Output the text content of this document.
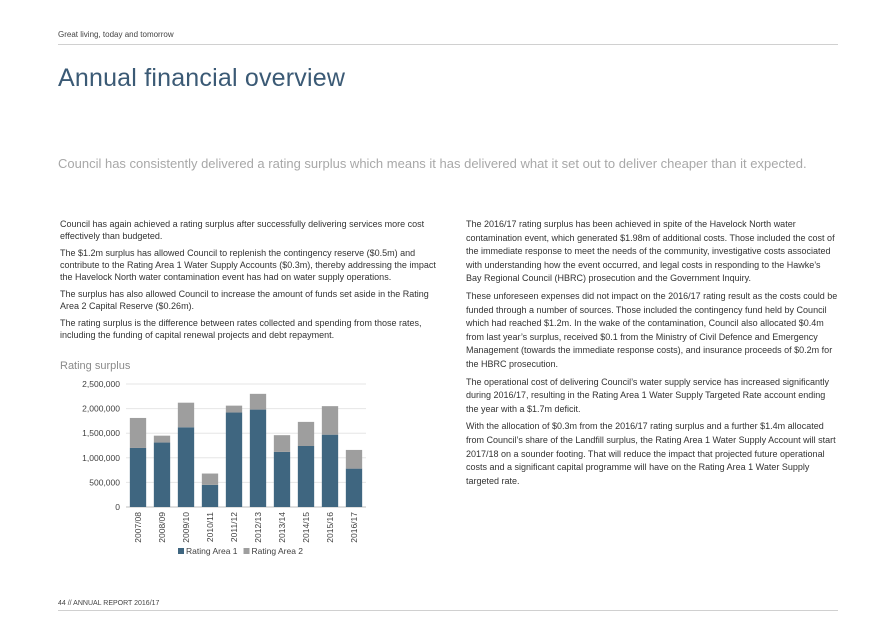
Great living, today and tomorrow
Annual financial overview

Council has consistently delivered a rating surplus which means it has delivered what it set out to deliver cheaper than it expected.

Council has again achieved a rating surplus after successfully delivering services more cost effectively than budgeted.

The $1.2m surplus has allowed Council to replenish the contingency reserve ($0.5m) and contribute to the Rating Area 1 Water Supply Accounts ($0.3m), thereby addressing the impact the Havelock North water contamination event has had on water supply operations.

The surplus has also allowed Council to increase the amount of funds set aside in the Rating Area 2 Capital Reserve ($0.26m).

The rating surplus is the difference between rates collected and spending from those rates, including the funding of capital renewal projects and debt repayment.

The 2016/17 rating surplus has been achieved in spite of the Havelock North water contamination event, which generated $1.98m of additional costs. Those included the cost of the immediate response to meet the needs of the community, investigative costs associated with understanding how the event occurred, and legal costs in responding to the Hawke’s Bay Regional Council (HBRC) prosecution and the Government Inquiry.

These unforeseen expenses did not impact on the 2016/17 rating result as the costs could be funded through a number of sources. Those included the contingency fund held by Council which had reached $1.2m. In the wake of the contamination, Council also allocated $0.4m from last year’s surplus, received $0.1 from the Ministry of Civil Defence and Emergency Management (towards the immediate response costs), and insurance proceeds of $0.2m for the HBRC prosecution.

The operational cost of delivering Council’s water supply service has increased significantly during 2016/17, resulting in the Rating Area 1 Water Supply Targeted Rate account ending the year with a $1.7m deficit.

With the allocation of $0.3m from the 2016/17 rating surplus and a further $1.4m allocated from Council’s share of the Landfill surplus, the Rating Area 1 Water Supply Account will start 2017/18 on a sounder footing. That will reduce the impact that projected future operational costs and a significant capital programme will have on the Rating Area 1 Water Supply targeted rate.

Rating surplus

0
500,000
1,000,000
1,500,000
2,000,000
2,500,000
2007/08 2008/09 2009/10 2010/11 2011/12 2012/13 2013/14 2014/15 2015/16 2016/17
Rating Area 1 Rating Area 2
44 // ANNUAL REPORT 2016/17
